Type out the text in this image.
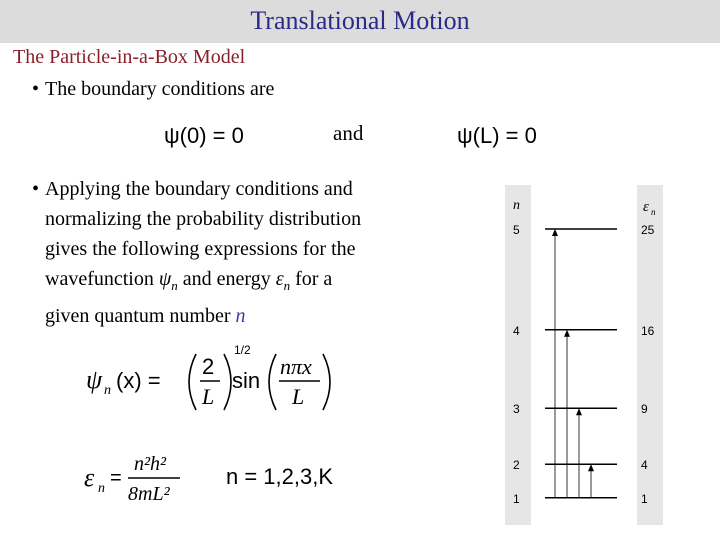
Translational Motion
The Particle-in-a-Box Model
• The boundary conditions are
ψ(0) = 0	and	ψ(L) = 0
• Applying the boundary conditions and
normalizing the probability distribution
gives the following expressions for the
wavefunction $\psi_n$ and energy $\varepsilon_n$ for a
given quantum number n
ψ n (x) =
2
L
1/2
sin
nπx
L
ε n =
n²h²
8mL²
n = 1,2,3,K
n	ε n
5	25
4	16
3	9
2	4
1	1
